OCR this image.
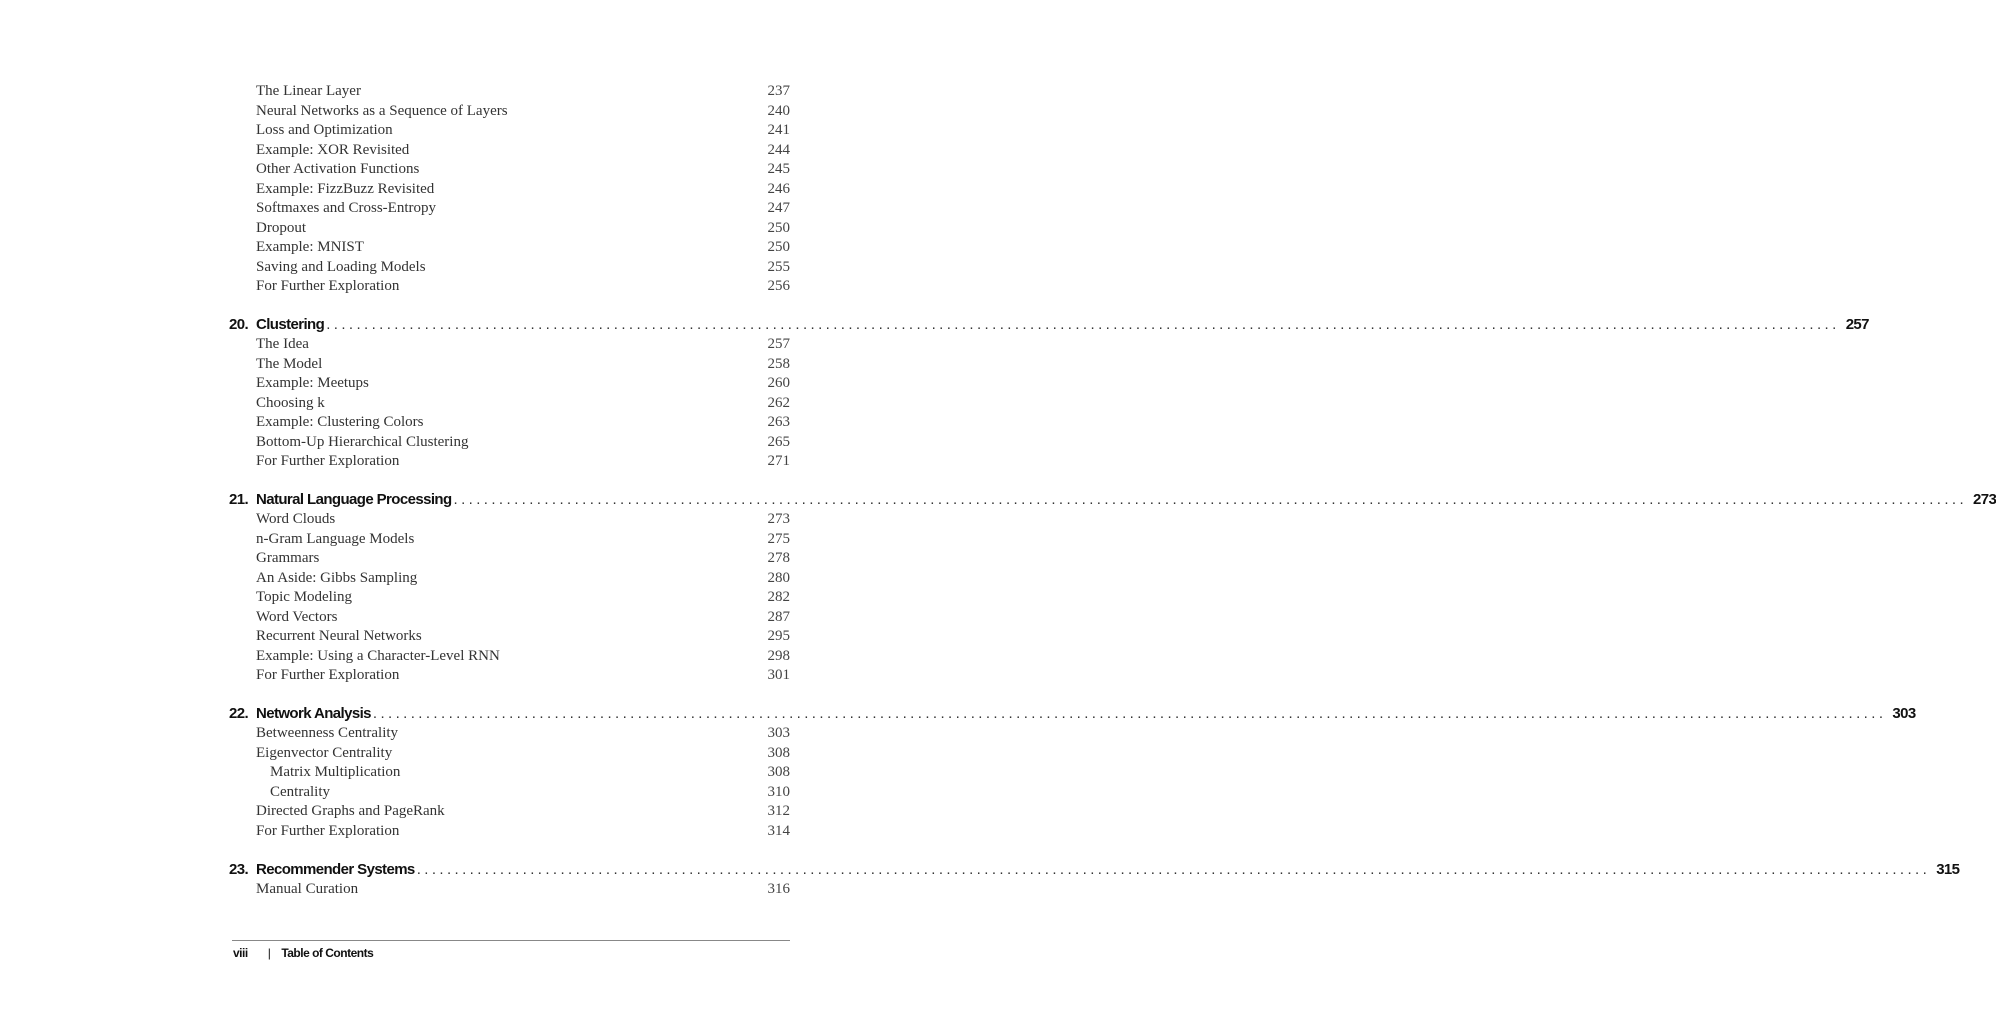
The Linear Layer	237
Neural Networks as a Sequence of Layers	240
Loss and Optimization	241
Example: XOR Revisited	244
Other Activation Functions	245
Example: FizzBuzz Revisited	246
Softmaxes and Cross-Entropy	247
Dropout	250
Example: MNIST	250
Saving and Loading Models	255
For Further Exploration	256
20. Clustering ........................................................................................................................................................................................................ 257
The Idea	257
The Model	258
Example: Meetups	260
Choosing k	262
Example: Clustering Colors	263
Bottom-Up Hierarchical Clustering	265
For Further Exploration	271
21. Natural Language Processing ........................................................................................................................................................................................................ 273
Word Clouds	273
n-Gram Language Models	275
Grammars	278
An Aside: Gibbs Sampling	280
Topic Modeling	282
Word Vectors	287
Recurrent Neural Networks	295
Example: Using a Character-Level RNN	298
For Further Exploration	301
22. Network Analysis ........................................................................................................................................................................................................ 303
Betweenness Centrality	303
Eigenvector Centrality	308
Matrix Multiplication	308
Centrality	310
Directed Graphs and PageRank	312
For Further Exploration	314
23. Recommender Systems ........................................................................................................................................................................................................ 315
Manual Curation	316
viii | Table of Contents
